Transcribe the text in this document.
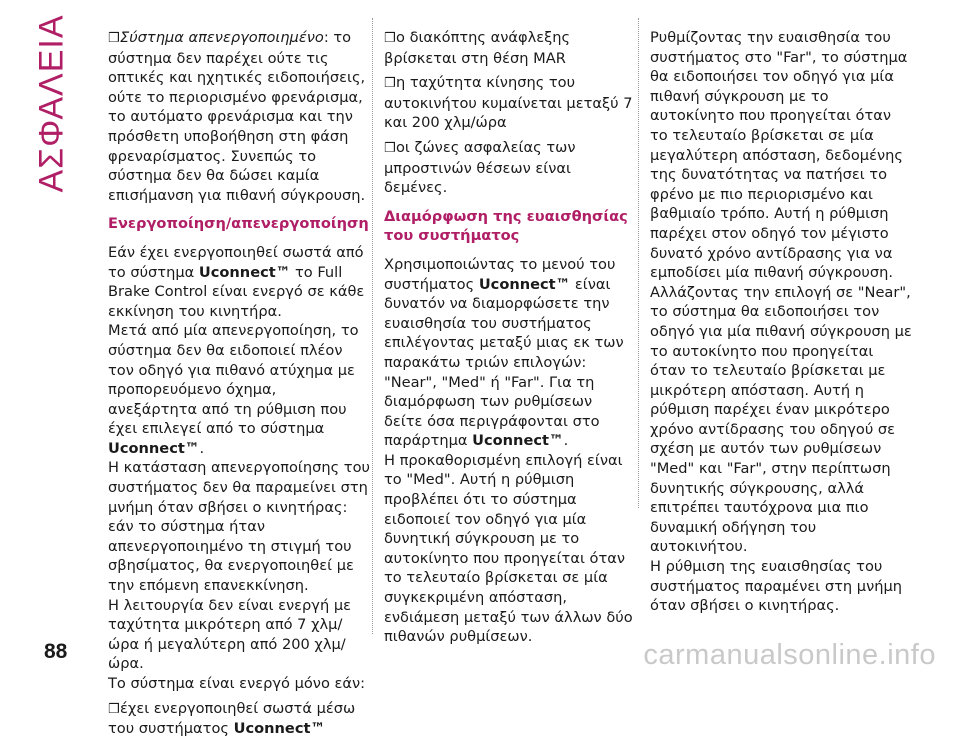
ΑΣΦΑΛΕΙΑ	❒Σύστημα απενεργοποιημένο: το σύστημα δεν παρέχει ούτε τις οπτικές και ηχητικές ειδοποιήσεις, ούτε το περιορισμένο φρενάρισμα, το αυτόματο φρενάρισμα και την πρόσθετη υποβοήθηση στη φάση φρεναρίσματος. Συνεπώς το σύστημα δεν θα δώσει καμία επισήμανση για πιθανή σύγκρουση.

Ενεργοποίηση/απενεργοποίηση

Εάν έχει ενεργοποιηθεί σωστά από το σύστημα Uconnect™ το Full Brake Control είναι ενεργό σε κάθε εκκίνηση του κινητήρα.

Μετά από μία απενεργοποίηση, το σύστημα δεν θα ειδοποιεί πλέον τον οδηγό για πιθανό ατύχημα με προπορευόμενο όχημα, ανεξάρτητα από τη ρύθμιση που έχει επιλεγεί από το σύστημα Uconnect™.

Η κατάσταση απενεργοποίησης του συστήματος δεν θα παραμείνει στη μνήμη όταν σβήσει ο κινητήρας: εάν το σύστημα ήταν απενεργοποιημένο τη στιγμή του σβησίματος, θα ενεργοποιηθεί με την επόμενη επανεκκίνηση.

Η λειτουργία δεν είναι ενεργή με ταχύτητα μικρότερη από 7 χλμ/ώρα ή μεγαλύτερη από 200 χλμ/ώρα.

Το σύστημα είναι ενεργό μόνο εάν:

❒έχει ενεργοποιηθεί σωστά μέσω του συστήματος Uconnect™

❒ο διακόπτης ανάφλεξης βρίσκεται στη θέση MAR

❒η ταχύτητα κίνησης του αυτοκινήτου κυμαίνεται μεταξύ 7 και 200 χλμ/ώρα

❒οι ζώνες ασφαλείας των μπροστινών θέσεων είναι δεμένες.

Διαμόρφωση της ευαισθησίας του συστήματος

Χρησιμοποιώντας το μενού του συστήματος Uconnect™ είναι δυνατόν να διαμορφώσετε την ευαισθησία του συστήματος επιλέγοντας μεταξύ μιας εκ των παρακάτω τριών επιλογών: "Near", "Med" ή "Far". Για τη διαμόρφωση των ρυθμίσεων δείτε όσα περιγράφονται στο παράρτημα Uconnect™.

Η προκαθορισμένη επιλογή είναι το "Med". Αυτή η ρύθμιση προβλέπει ότι το σύστημα ειδοποιεί τον οδηγό για μία δυνητική σύγκρουση με το αυτοκίνητο που προηγείται όταν το τελευταίο βρίσκεται σε μία συγκεκριμένη απόσταση, ενδιάμεση μεταξύ των άλλων δύο πιθανών ρυθμίσεων.

Ρυθμίζοντας την ευαισθησία του συστήματος στο "Far", το σύστημα θα ειδοποιήσει τον οδηγό για μία πιθανή σύγκρουση με το αυτοκίνητο που προηγείται όταν το τελευταίο βρίσκεται σε μία μεγαλύτερη απόσταση, δεδομένης της δυνατότητας να πατήσει το φρένο με πιο περιορισμένο και βαθμιαίο τρόπο. Αυτή η ρύθμιση παρέχει στον οδηγό τον μέγιστο δυνατό χρόνο αντίδρασης για να εμποδίσει μία πιθανή σύγκρουση.

Αλλάζοντας την επιλογή σε "Near", το σύστημα θα ειδοποιήσει τον οδηγό για μία πιθανή σύγκρουση με το αυτοκίνητο που προηγείται όταν το τελευταίο βρίσκεται με μικρότερη απόσταση. Αυτή η ρύθμιση παρέχει έναν μικρότερο χρόνο αντίδρασης του οδηγού σε σχέση με αυτόν των ρυθμίσεων "Med" και "Far", στην περίπτωση δυνητικής σύγκρουσης, αλλά επιτρέπει ταυτόχρονα μια πιο δυναμική οδήγηση του αυτοκινήτου.

Η ρύθμιση της ευαισθησίας του συστήματος παραμένει στη μνήμη όταν σβήσει ο κινητήρας.

88	carmanualsonline.info
